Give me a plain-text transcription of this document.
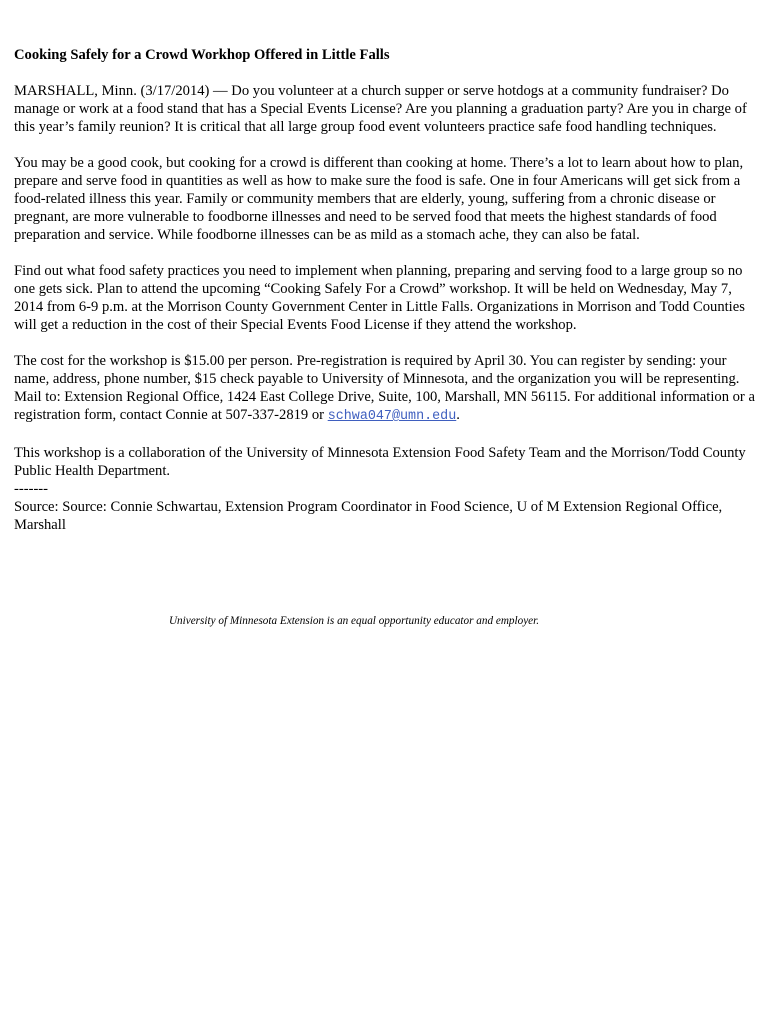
Cooking Safely for a Crowd Workhop Offered in Little Falls

MARSHALL, Minn. (3/17/2014) — Do you volunteer at a church supper or serve hotdogs at a community fundraiser? Do manage or work at a food stand that has a Special Events License? Are you planning a graduation party? Are you in charge of this year’s family reunion? It is critical that all large group food event volunteers practice safe food handling techniques.

You may be a good cook, but cooking for a crowd is different than cooking at home. There’s a lot to learn about how to plan, prepare and serve food in quantities as well as how to make sure the food is safe. One in four Americans will get sick from a food-related illness this year. Family or community members that are elderly, young, suffering from a chronic disease or pregnant, are more vulnerable to foodborne illnesses and need to be served food that meets the highest standards of food preparation and service. While foodborne illnesses can be as mild as a stomach ache, they can also be fatal.

Find out what food safety practices you need to implement when planning, preparing and serving food to a large group so no one gets sick. Plan to attend the upcoming “Cooking Safely For a Crowd” workshop. It will be held on Wednesday, May 7, 2014 from 6-9 p.m. at the Morrison County Government Center in Little Falls. Organizations in Morrison and Todd Counties will get a reduction in the cost of their Special Events Food License if they attend the workshop.

The cost for the workshop is $15.00 per person. Pre-registration is required by April 30. You can register by sending: your name, address, phone number, $15 check payable to University of Minnesota, and the organization you will be representing. Mail to: Extension Regional Office, 1424 East College Drive, Suite, 100, Marshall, MN 56115. For additional information or a registration form, contact Connie at 507-337-2819 or schwa047@umn.edu.

This workshop is a collaboration of the University of Minnesota Extension Food Safety Team and the Morrison/Todd County Public Health Department.

-------

Source: Source: Connie Schwartau, Extension Program Coordinator in Food Science, U of M Extension Regional Office, Marshall

University of Minnesota Extension is an equal opportunity educator and employer.
